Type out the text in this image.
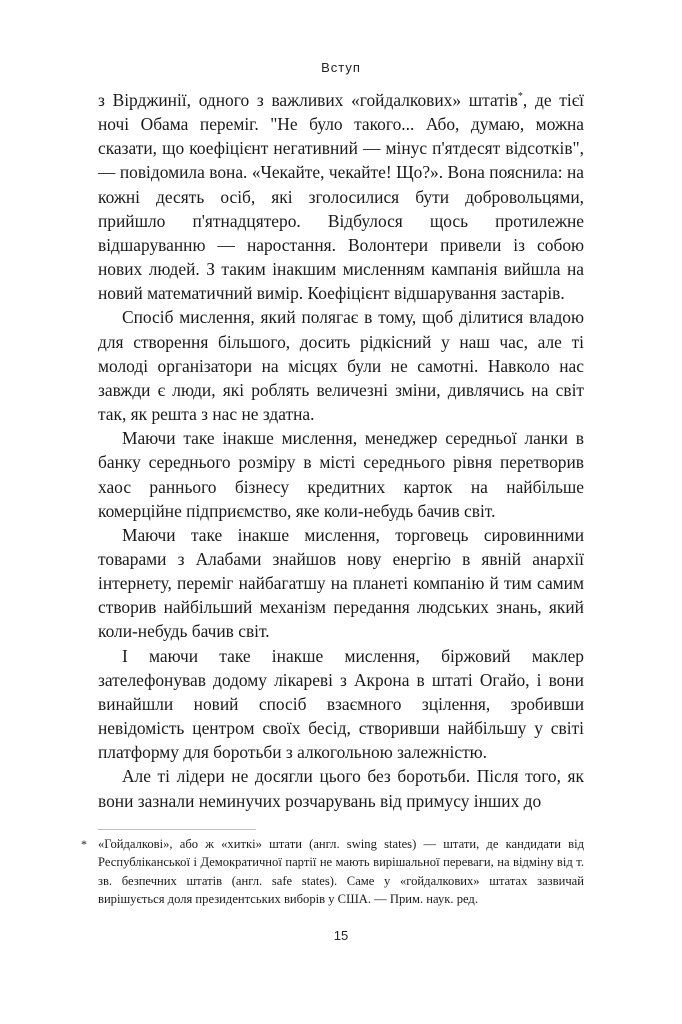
Вступ

з Вірджинії, одного з важливих «гойдалкових» штатів*, де тієї ночі Обама переміг. "Не було такого... Або, думаю, можна сказати, що коефіцієнт негативний — мінус п'ятдесят відсотків", — повідомила вона. «Чекайте, чекайте! Що?». Вона пояснила: на кожні десять осіб, які зголосилися бути добровольцями, прийшло п'ятнадцятеро. Відбулося щось протилежне відшаруванню — наростання. Волонтери привели із собою нових людей. З таким інакшим мисленням кампанія вийшла на новий математичний вимір. Коефіцієнт відшарування застарів.

Спосіб мислення, який полягає в тому, щоб ділитися владою для створення більшого, досить рідкісний у наш час, але ті молоді організатори на місцях були не самотні. Навколо нас завжди є люди, які роблять величезні зміни, дивлячись на світ так, як решта з нас не здатна.

Маючи таке інакше мислення, менеджер середньої ланки в банку середнього розміру в місті середнього рівня перетворив хаос раннього бізнесу кредитних карток на найбільше комерційне підприємство, яке коли-небудь бачив світ.

Маючи таке інакше мислення, торговець сировинними товарами з Алабами знайшов нову енергію в явній анархії інтернету, переміг найбагатшу на планеті компанію й тим самим створив найбільший механізм передання людських знань, який коли-небудь бачив світ.

І маючи таке інакше мислення, біржовий маклер зателефонував додому лікареві з Акрона в штаті Огайо, і вони винайшли новий спосіб взаємного зцілення, зробивши невідомість центром своїх бесід, створивши найбільшу у світі платформу для боротьби з алкогольною залежністю.

Але ті лідери не досягли цього без боротьби. Після того, як вони зазнали неминучих розчарувань від примусу інших до

* «Гойдалкові», або ж «хиткі» штати (англ. swing states) — штати, де кандидати від Республіканської і Демократичної партії не мають вирішальної переваги, на відміну від т. зв. безпечних штатів (англ. safe states). Саме у «гойдалкових» штатах зазвичай вирішується доля президентських виборів у США. — Прим. наук. ред.
15
